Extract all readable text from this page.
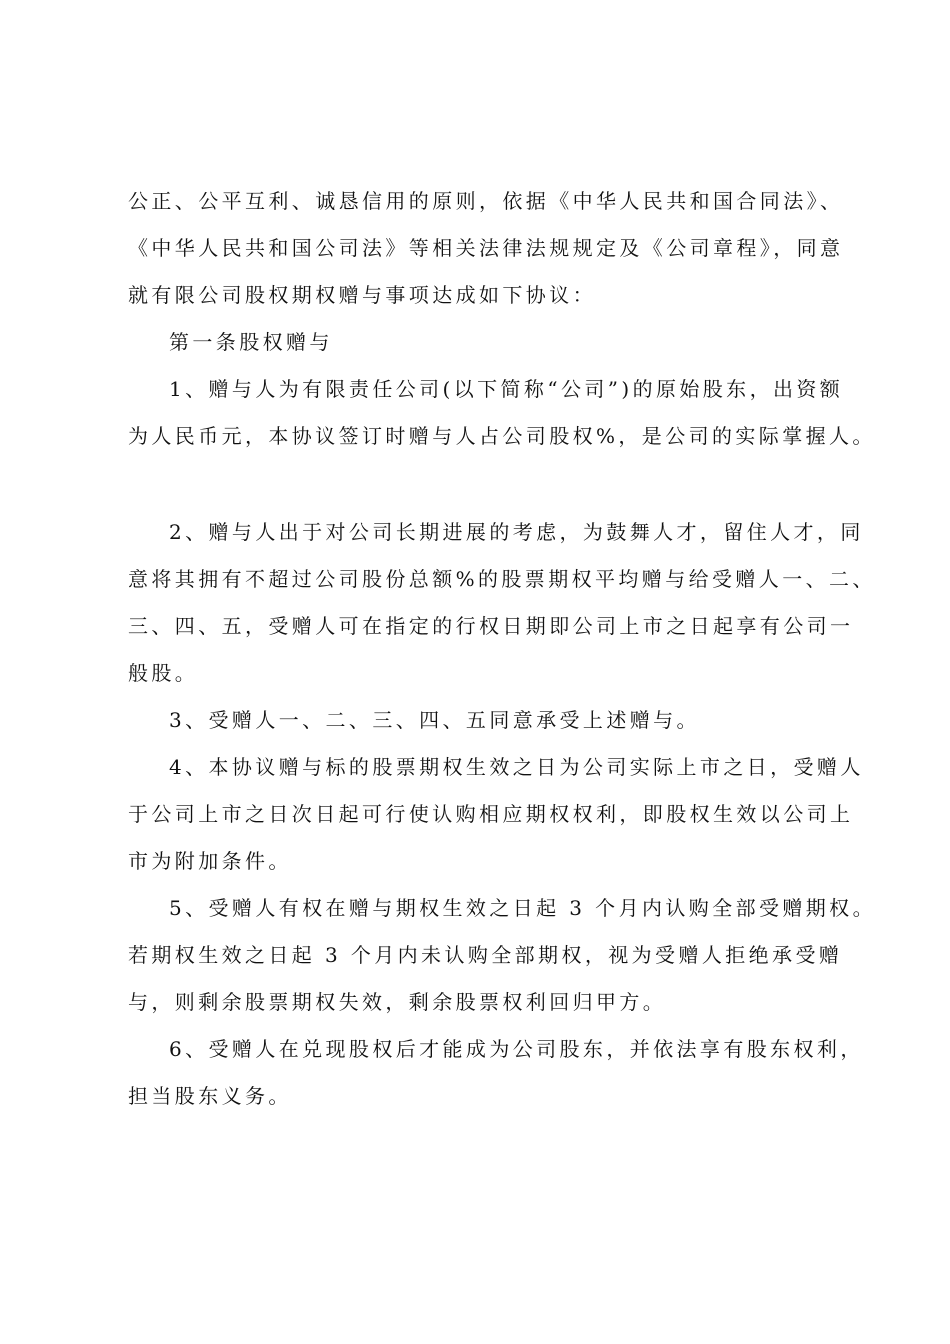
公正、公平互利、诚恳信用的原则，依据《中华人民共和国合同法》、
《中华人民共和国公司法》等相关法律法规规定及《公司章程》，同意
就有限公司股权期权赠与事项达成如下协议：
第一条股权赠与
1、赠与人为有限责任公司(以下简称“公司”)的原始股东，出资额
为人民币元，本协议签订时赠与人占公司股权%，是公司的实际掌握人。
2、赠与人出于对公司长期进展的考虑，为鼓舞人才，留住人才，同
意将其拥有不超过公司股份总额%的股票期权平均赠与给受赠人一、二、
三、四、五，受赠人可在指定的行权日期即公司上市之日起享有公司一
般股。
3、受赠人一、二、三、四、五同意承受上述赠与。
4、本协议赠与标的股票期权生效之日为公司实际上市之日，受赠人
于公司上市之日次日起可行使认购相应期权权利，即股权生效以公司上
市为附加条件。
5、受赠人有权在赠与期权生效之日起 3 个月内认购全部受赠期权。
若期权生效之日起 3 个月内未认购全部期权，视为受赠人拒绝承受赠
与，则剩余股票期权失效，剩余股票权利回归甲方。
6、受赠人在兑现股权后才能成为公司股东，并依法享有股东权利，
担当股东义务。
